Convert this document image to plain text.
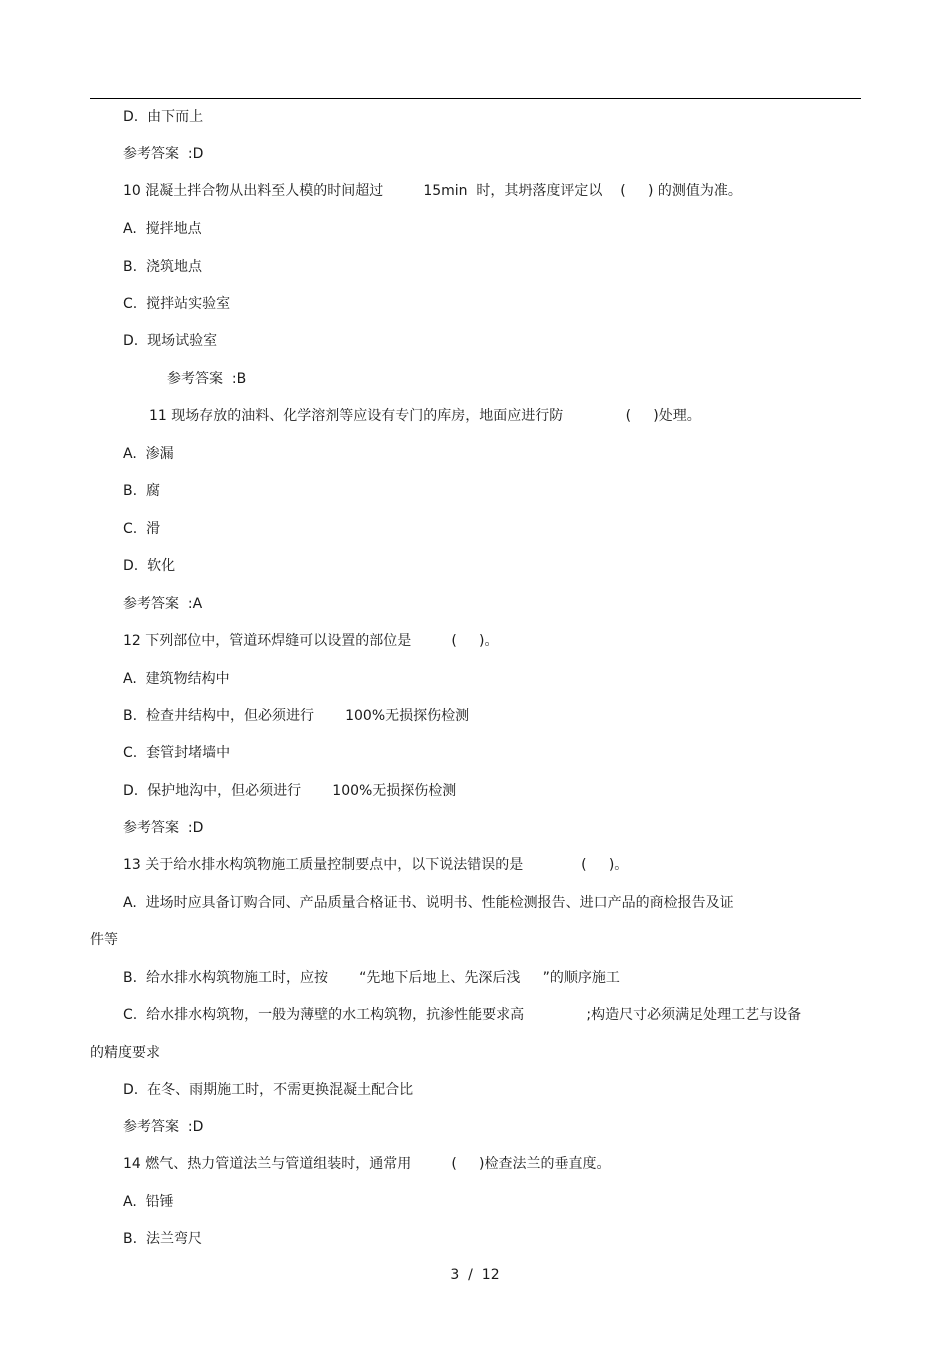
D.  由下而上
参考答案  :D
10 混凝土拌合物从出料至人模的时间超过         15min  时，其坍落度评定以    (     ) 的测值为准。
A.  搅拌地点
B.  浇筑地点
C.  搅拌站实验室
D.  现场试验室
参考答案  :B
11 现场存放的油料、化学溶剂等应设有专门的库房，地面应进行防              (     )处理。
A.  渗漏
B.  腐
C.  滑
D.  软化
参考答案  :A
12 下列部位中，管道环焊缝可以设置的部位是         (     )。
A.  建筑物结构中
B.  检查井结构中，但必须进行       100%无损探伤检测
C.  套管封堵墙中
D.  保护地沟中，但必须进行       100%无损探伤检测
参考答案  :D
13 关于给水排水构筑物施工质量控制要点中，以下说法错误的是             (     )。
A.  进场时应具备订购合同、产品质量合格证书、说明书、性能检测报告、进口产品的商检报告及证
件等
B.  给水排水构筑物施工时，应按       “先地下后地上、先深后浅     ”的顺序施工
C.  给水排水构筑物，一般为薄壁的水工构筑物，抗渗性能要求高              ;构造尺寸必须满足处理工艺与设备
的精度要求
D.  在冬、雨期施工时，不需更换混凝土配合比
参考答案  :D
14 燃气、热力管道法兰与管道组装时，通常用         (     )检查法兰的垂直度。
A.  铅锤
B.  法兰弯尺
3  /  12
